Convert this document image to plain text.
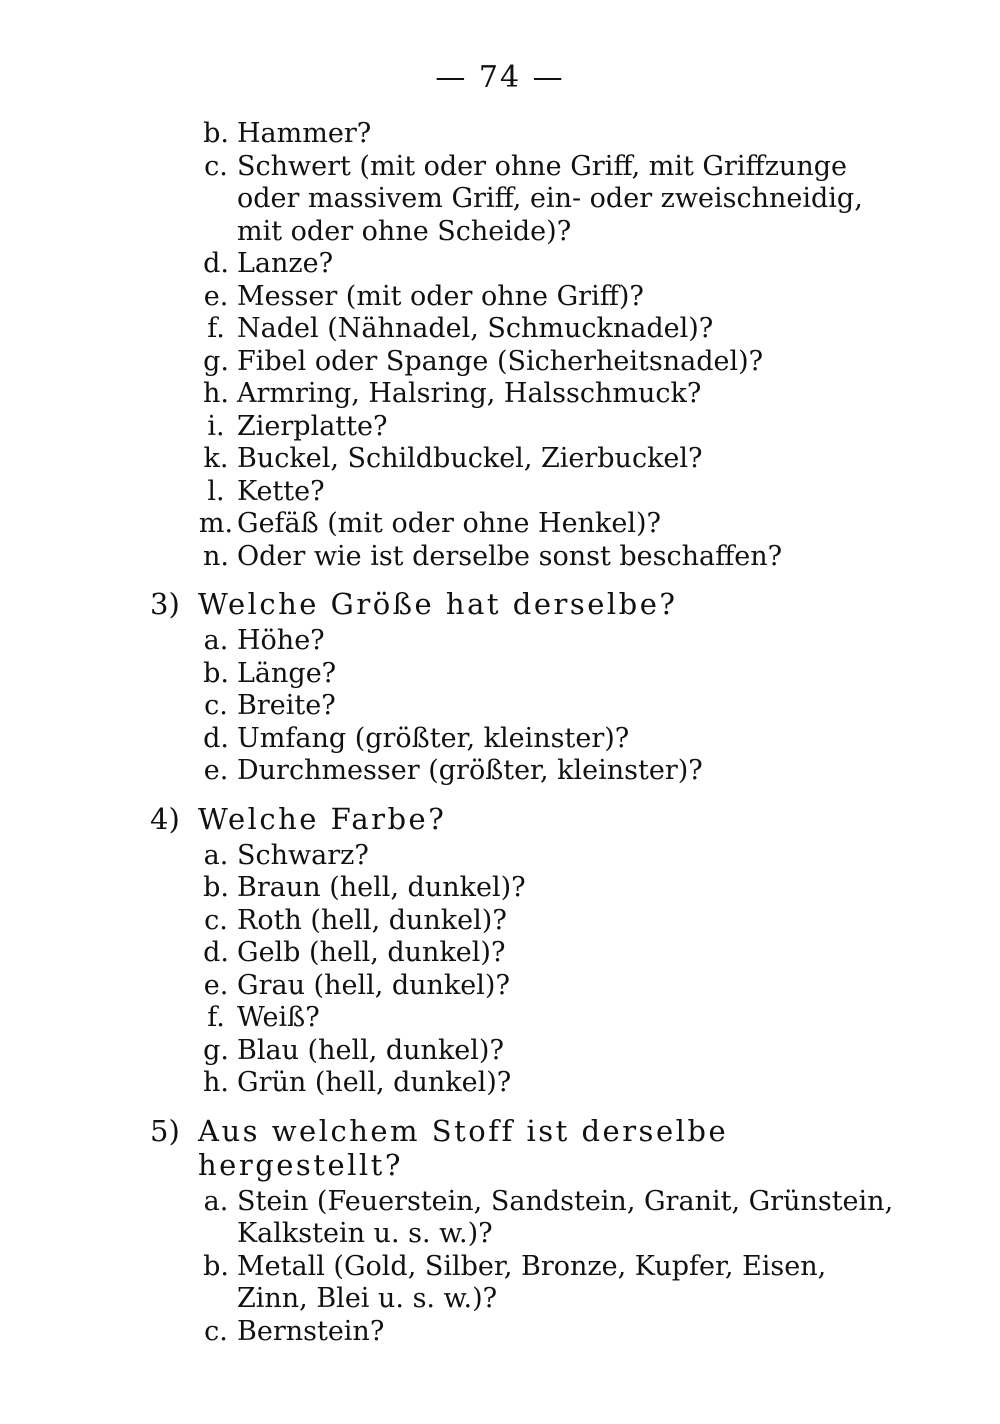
— 74 —
b. Hammer?
c. Schwert (mit oder ohne Griff, mit Griffzunge oder massivem Griff, ein- oder zweischneidig, mit oder ohne Scheide)?
d. Lanze?
e. Messer (mit oder ohne Griff)?
f. Nadel (Nähnadel, Schmucknadel)?
g. Fibel oder Spange (Sicherheitsnadel)?
h. Armring, Halsring, Halsschmuck?
i. Zierplatte?
k. Buckel, Schildbuckel, Zierbuckel?
l. Kette?
m. Gefäß (mit oder ohne Henkel)?
n. Oder wie ist derselbe sonst beschaffen?
3) Welche Größe hat derselbe?
a. Höhe?
b. Länge?
c. Breite?
d. Umfang (größter, kleinster)?
e. Durchmesser (größter, kleinster)?
4) Welche Farbe?
a. Schwarz?
b. Braun (hell, dunkel)?
c. Roth (hell, dunkel)?
d. Gelb (hell, dunkel)?
e. Grau (hell, dunkel)?
f. Weiß?
g. Blau (hell, dunkel)?
h. Grün (hell, dunkel)?
5) Aus welchem Stoff ist derselbe hergestellt?
a. Stein (Feuerstein, Sandstein, Granit, Grünstein, Kalkstein u. s. w.)?
b. Metall (Gold, Silber, Bronze, Kupfer, Eisen, Zinn, Blei u. s. w.)?
c. Bernstein?
